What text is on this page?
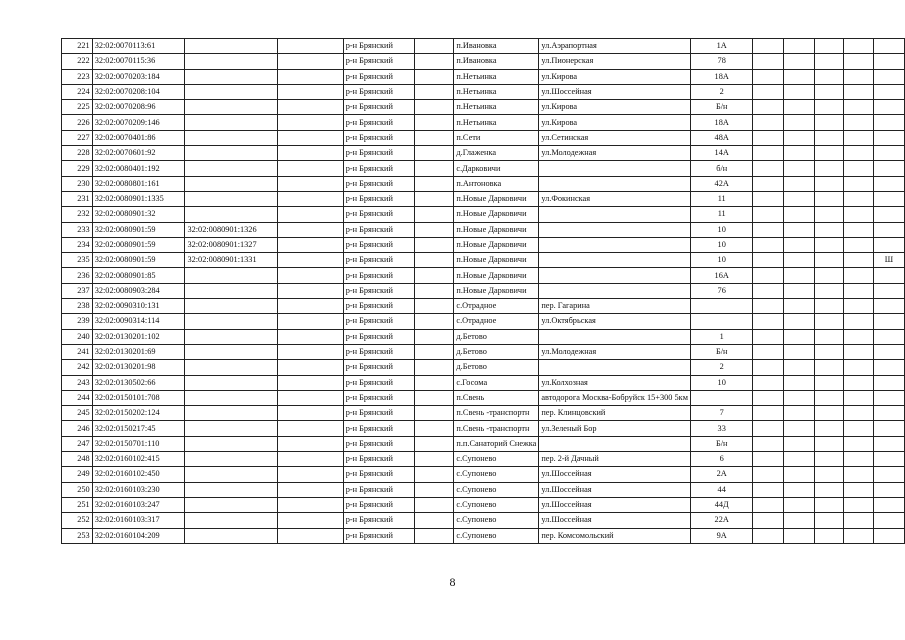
221	32:02:0070113:61			р-н Брянский		п.Ивановка	ул.Аэрапортная	1А					
222	32:02:0070115:36			р-н Брянский		п.Ивановка	ул.Пионерская	78					
223	32:02:0070203:184			р-н Брянский		п.Нетьинка	ул.Кирова	18А					
224	32:02:0070208:104			р-н Брянский		п.Нетьинка	ул.Шоссейная	2					
225	32:02:0070208:96			р-н Брянский		п.Нетьинка	ул.Кирова	Б/н					
226	32:02:0070209:146			р-н Брянский		п.Нетьинка	ул.Кирова	18А					
227	32:02:0070401:86			р-н Брянский		п.Сети	ул.Сетинская	48А					
228	32:02:0070601:92			р-н Брянский		д.Глаженка	ул.Молодежная	14А					
229	32:02:0080401:192			р-н Брянский		с.Дарковичи		б/н					
230	32:02:0080801:161			р-н Брянский		п.Антоновка		42А					
231	32:02:0080901:1335			р-н Брянский		п.Новые Дарковичи	ул.Фокинская	11					
232	32:02:0080901:32			р-н Брянский		п.Новые Дарковичи		11					
233	32:02:0080901:59	32:02:0080901:1326		р-н Брянский		п.Новые Дарковичи		10					
234	32:02:0080901:59	32:02:0080901:1327		р-н Брянский		п.Новые Дарковичи		10					
235	32:02:0080901:59	32:02:0080901:1331		р-н Брянский		п.Новые Дарковичи		10					Ш
236	32:02:0080901:85			р-н Брянский		п.Новые Дарковичи		16А					
237	32:02:0080903:284			р-н Брянский		п.Новые Дарковичи		76					
238	32:02:0090310:131			р-н Брянский		с.Отрадное	пер. Гагарина						
239	32:02:0090314:114			р-н Брянский		с.Отрадное	ул.Октябрьская						
240	32:02:0130201:102			р-н Брянский		д.Бетово		1					
241	32:02:0130201:69			р-н Брянский		д.Бетово	ул.Молодежная	Б/н					
242	32:02:0130201:98			р-н Брянский		д.Бетово		2					
243	32:02:0130502:66			р-н Брянский		с.Госома	ул.Колхозная	10					
244	32:02:0150101:708			р-н Брянский		п.Свень	автодорога Москва-Бобруйск 15+300 5км						
245	32:02:0150202:124			р-н Брянский		п.Свень -транспортн	пер. Клинцовский	7					
246	32:02:0150217:45			р-н Брянский		п.Свень -транспортн	ул.Зеленый Бор	33					
247	32:02:0150701:110			р-н Брянский		п.п.Санаторий Снежка		Б/н					
248	32:02:0160102:415			р-н Брянский		с.Супонево	пер. 2-й Дачный	6					
249	32:02:0160102:450			р-н Брянский		с.Супонево	ул.Шоссейная	2А					
250	32:02:0160103:230			р-н Брянский		с.Супонево	ул.Шоссейная	44					
251	32:02:0160103:247			р-н Брянский		с.Супонево	ул.Шоссейная	44Д					
252	32:02:0160103:317			р-н Брянский		с.Супонево	ул.Шоссейная	22А					
253	32:02:0160104:209			р-н Брянский		с.Супонево	пер. Комсомольский	9А					
8
